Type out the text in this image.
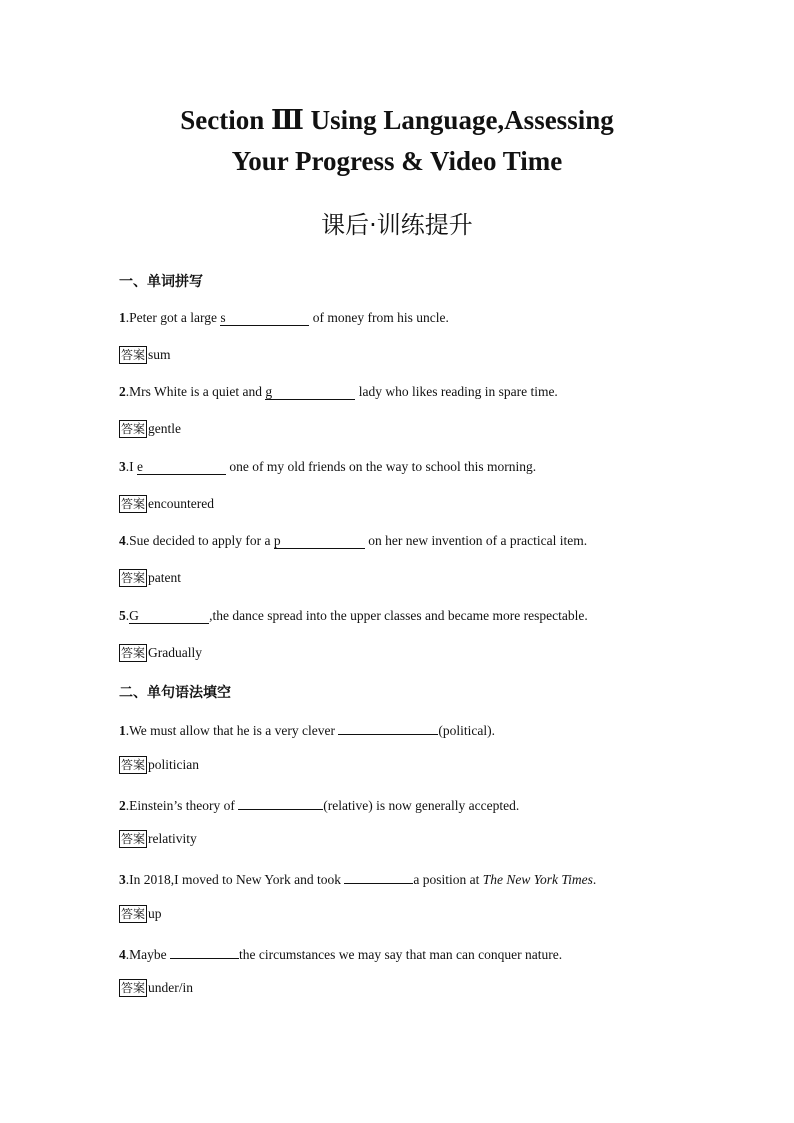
Section Ⅲ Using Language,Assessing
Your Progress & Video Time
课后·训练提升
一、单词拼写
1.Peter got a large s	of money from his uncle.
答案 sum
2.Mrs White is a quiet and g	lady who likes reading in spare time.
答案 gentle
3.I e	one of my old friends on the way to school this morning.
答案 encountered
4.Sue decided to apply for a p	on her new invention of a practical item.
答案 patent
5.G	,the dance spread into the upper classes and became more respectable.
答案 Gradually
二、单句语法填空
1.We must allow that he is a very clever	(political).
答案 politician
2.Einstein’s theory of	(relative) is now generally accepted.
答案 relativity
3.In 2018,I moved to New York and took	a position at The New York Times.
答案 up
4.Maybe	the circumstances we may say that man can conquer nature.
答案 under/in
